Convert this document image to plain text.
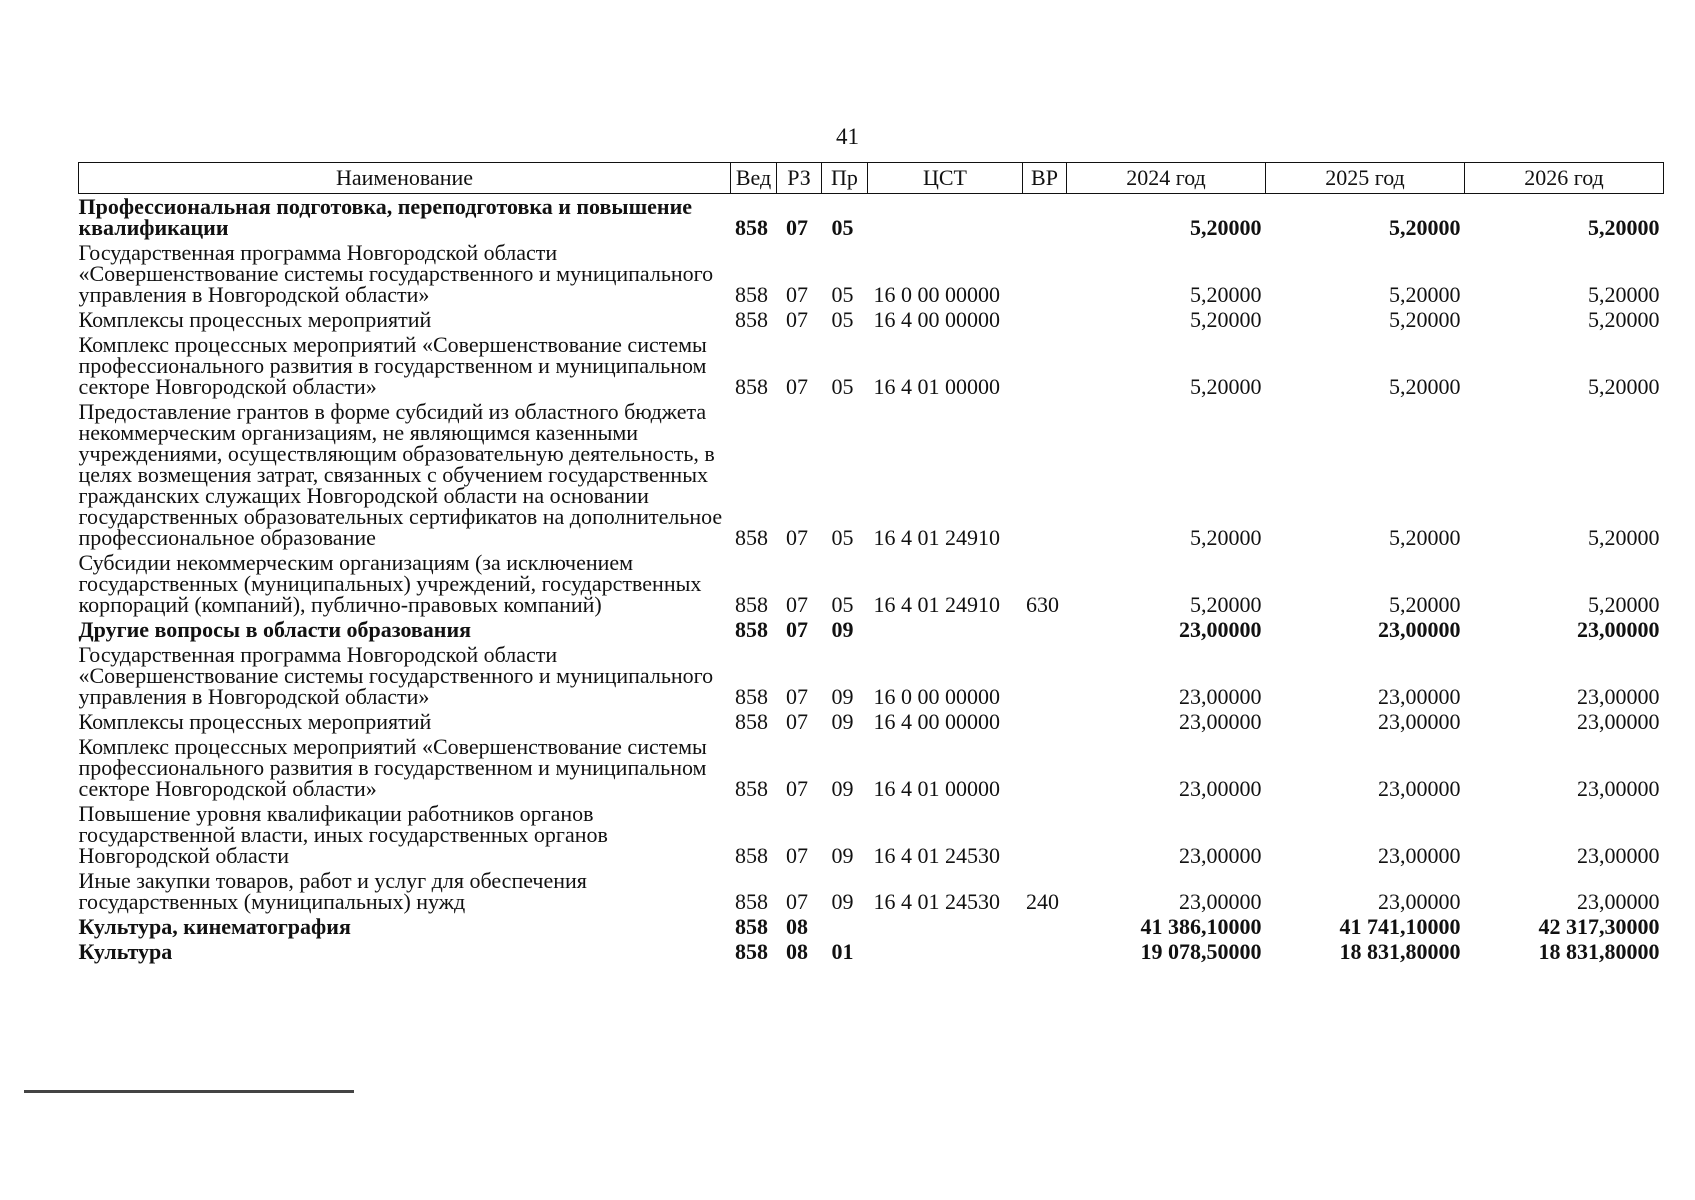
41
Наименование	Вед	РЗ	Пр	ЦСТ	ВР	2024 год	2025 год	2026 год
Профессиональная подготовка, переподготовка и повышение квалификации	858	07	05			5,20000	5,20000	5,20000
Государственная программа Новгородской области «Совершенствование системы государственного и муниципального управления в Новгородской области»	858	07	05	16 0 00 00000		5,20000	5,20000	5,20000
Комплексы процессных мероприятий	858	07	05	16 4 00 00000		5,20000	5,20000	5,20000
Комплекс процессных мероприятий «Совершенствование системы профессионального развития в государственном и муниципальном секторе Новгородской области»	858	07	05	16 4 01 00000		5,20000	5,20000	5,20000
Предоставление грантов в форме субсидий из областного бюджета некоммерческим организациям, не являющимся казенными учреждениями, осуществляющим образовательную деятельность, в целях возмещения затрат, связанных с обучением государственных гражданских служащих Новгородской области на основании государственных образовательных сертификатов на дополнительное профессиональное образование	858	07	05	16 4 01 24910		5,20000	5,20000	5,20000
Субсидии некоммерческим организациям (за исключением государственных (муниципальных) учреждений, государственных корпораций (компаний), публично-правовых компаний)	858	07	05	16 4 01 24910	630	5,20000	5,20000	5,20000
Другие вопросы в области образования	858	07	09			23,00000	23,00000	23,00000
Государственная программа Новгородской области «Совершенствование системы государственного и муниципального управления в Новгородской области»	858	07	09	16 0 00 00000		23,00000	23,00000	23,00000
Комплексы процессных мероприятий	858	07	09	16 4 00 00000		23,00000	23,00000	23,00000
Комплекс процессных мероприятий «Совершенствование системы профессионального развития в государственном и муниципальном секторе Новгородской области»	858	07	09	16 4 01 00000		23,00000	23,00000	23,00000
Повышение уровня квалификации работников органов государственной власти, иных государственных органов Новгородской области	858	07	09	16 4 01 24530		23,00000	23,00000	23,00000
Иные закупки товаров, работ и услуг для обеспечения государственных (муниципальных) нужд	858	07	09	16 4 01 24530	240	23,00000	23,00000	23,00000
Культура, кинематография	858	08				41 386,10000	41 741,10000	42 317,30000
Культура	858	08	01			19 078,50000	18 831,80000	18 831,80000
